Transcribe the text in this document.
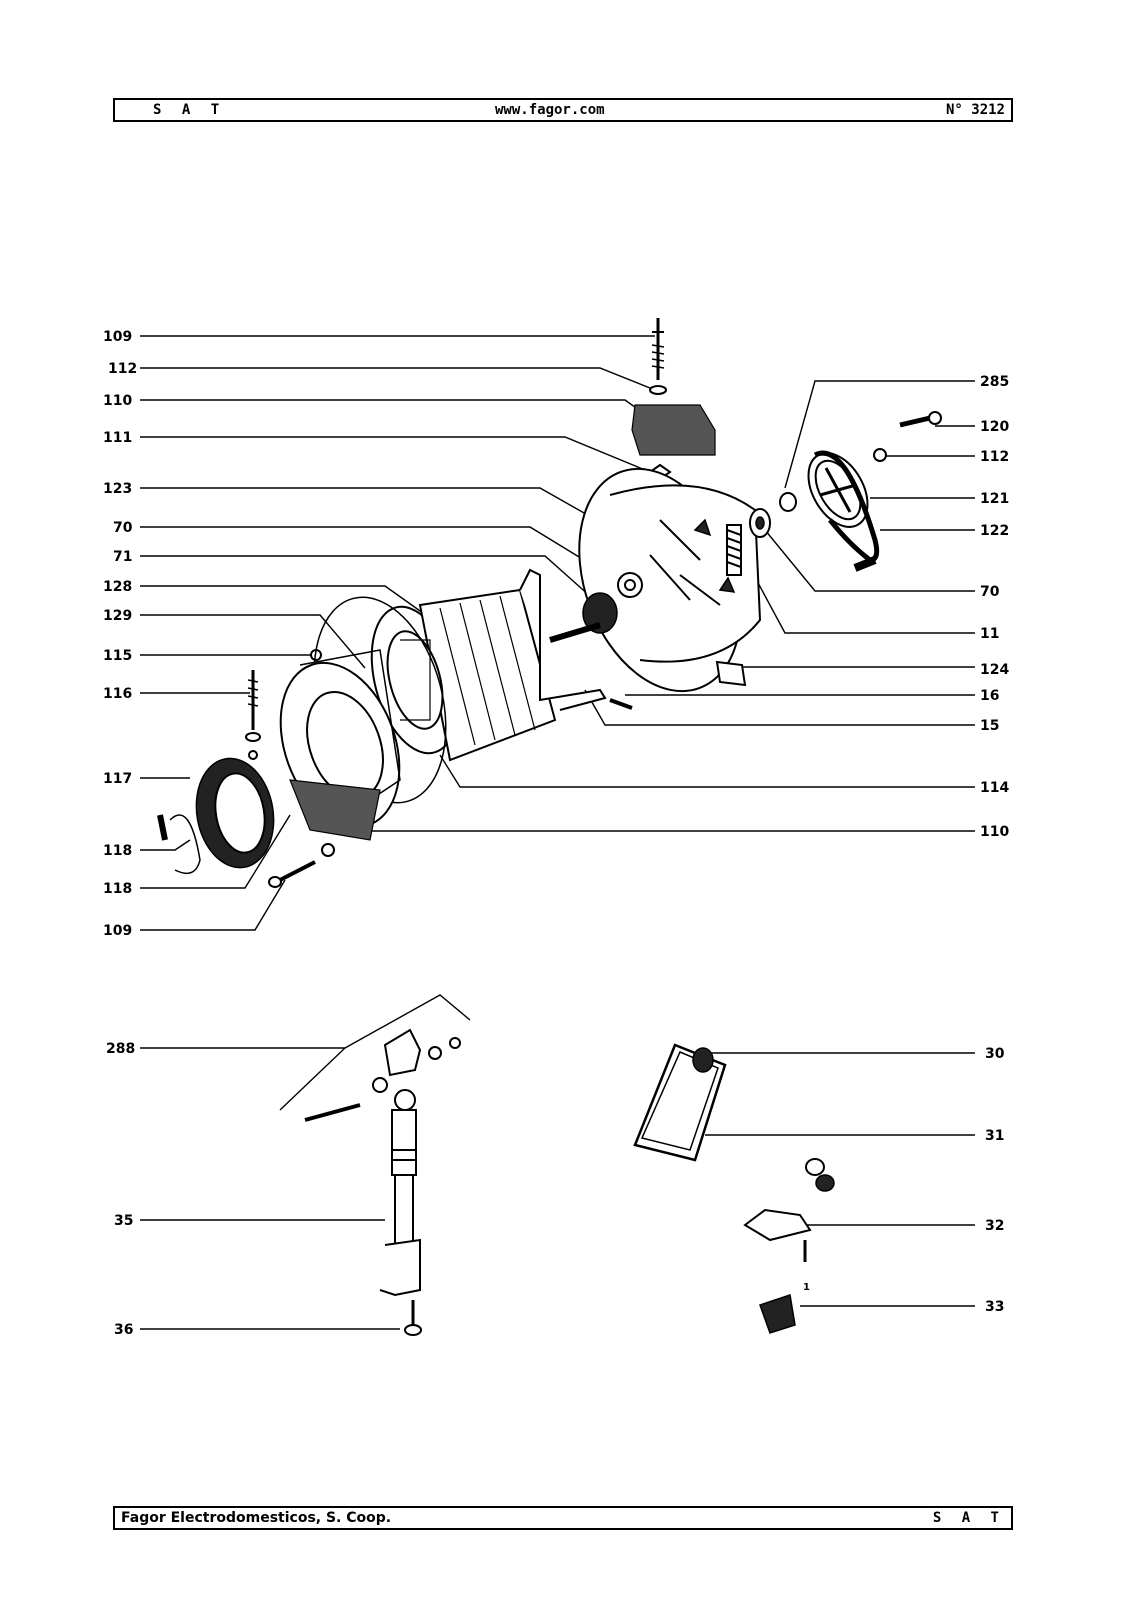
S A T	www.fagor.com	N° 3212
109
112
110
111
123
70
71
128
129
115
116
117
118
118
109
285
120
112
121
122
70
11
124
16
15
114
110
288
35
36
30
31
32
33
1
Fagor Electrodomesticos, S. Coop.	S A T
